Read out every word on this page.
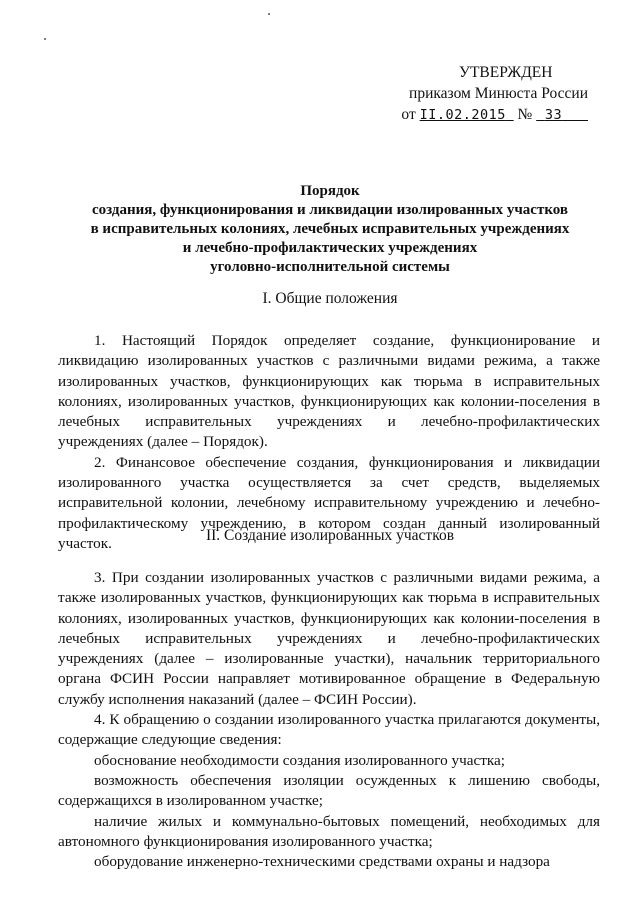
УТВЕРЖДЕН
приказом Минюста России
от II.02.2015 № 33
Порядок
создания, функционирования и ликвидации изолированных участков
в исправительных колониях, лечебных исправительных учреждениях
и лечебно-профилактических учреждениях
уголовно-исполнительной системы
I. Общие положения

1. Настоящий Порядок определяет создание, функционирование и ликвидацию изолированных участков с различными видами режима, а также изолированных участков, функционирующих как тюрьма в исправительных колониях, изолированных участков, функционирующих как колонии-поселения в лечебных исправительных учреждениях и лечебно-профилактических учреждениях (далее – Порядок).

2. Финансовое обеспечение создания, функционирования и ликвидации изолированного участка осуществляется за счет средств, выделяемых исправительной колонии, лечебному исправительному учреждению и лечебно-профилактическому учреждению, в котором создан данный изолированный участок.	II. Создание изолированных участков

3. При создании изолированных участков с различными видами режима, а также изолированных участков, функционирующих как тюрьма в исправительных колониях, изолированных участков, функционирующих как колонии-поселения в лечебных исправительных учреждениях и лечебно-профилактических учреждениях (далее – изолированные участки), начальник территориального органа ФСИН России направляет мотивированное обращение в Федеральную службу исполнения наказаний (далее – ФСИН России).

4. К обращению о создании изолированного участка прилагаются документы, содержащие следующие сведения:

обоснование необходимости создания изолированного участка;

возможность обеспечения изоляции осужденных к лишению свободы, содержащихся в изолированном участке;

наличие жилых и коммунально-бытовых помещений, необходимых для автономного функционирования изолированного участка;

оборудование инженерно-техническими средствами охраны и надзора
